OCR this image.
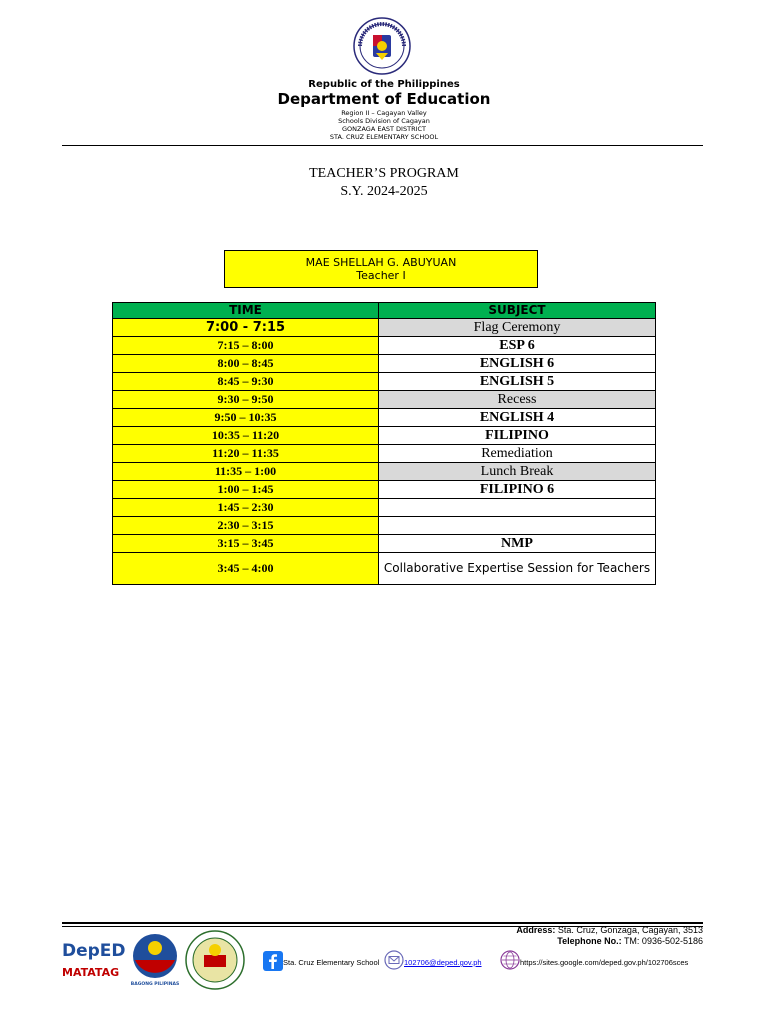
Republic of the Philippines
Department of Education
Region II – Cagayan Valley
Schools Division of Cagayan
GONZAGA EAST DISTRICT
STA. CRUZ ELEMENTARY SCHOOL
TEACHER’S PROGRAM
S.Y. 2024-2025
MAE SHELLAH G. ABUYUAN
Teacher I
TIME	SUBJECT
7:00 - 7:15	Flag Ceremony
7:15 – 8:00	ESP 6
8:00 – 8:45	ENGLISH 6
8:45 – 9:30	ENGLISH 5
9:30 – 9:50	Recess
9:50 – 10:35	ENGLISH 4
10:35 – 11:20	FILIPINO
11:20 – 11:35	Remediation
11:35 – 1:00	Lunch Break
1:00 – 1:45	FILIPINO 6
1:45 – 2:30	
2:30 – 3:15	
3:15 – 3:45	NMP
3:45 – 4:00	Collaborative Expertise Session for Teachers
Address: Sta. Cruz, Gonzaga, Cagayan, 3513
Telephone No.: TM: 0936-502-5186
DepED
MATATAG
BAGONG PILIPINAS
Sta. Cruz Elementary School	102706@deped.gov.ph	https://sites.google.com/deped.gov.ph/102706sces
